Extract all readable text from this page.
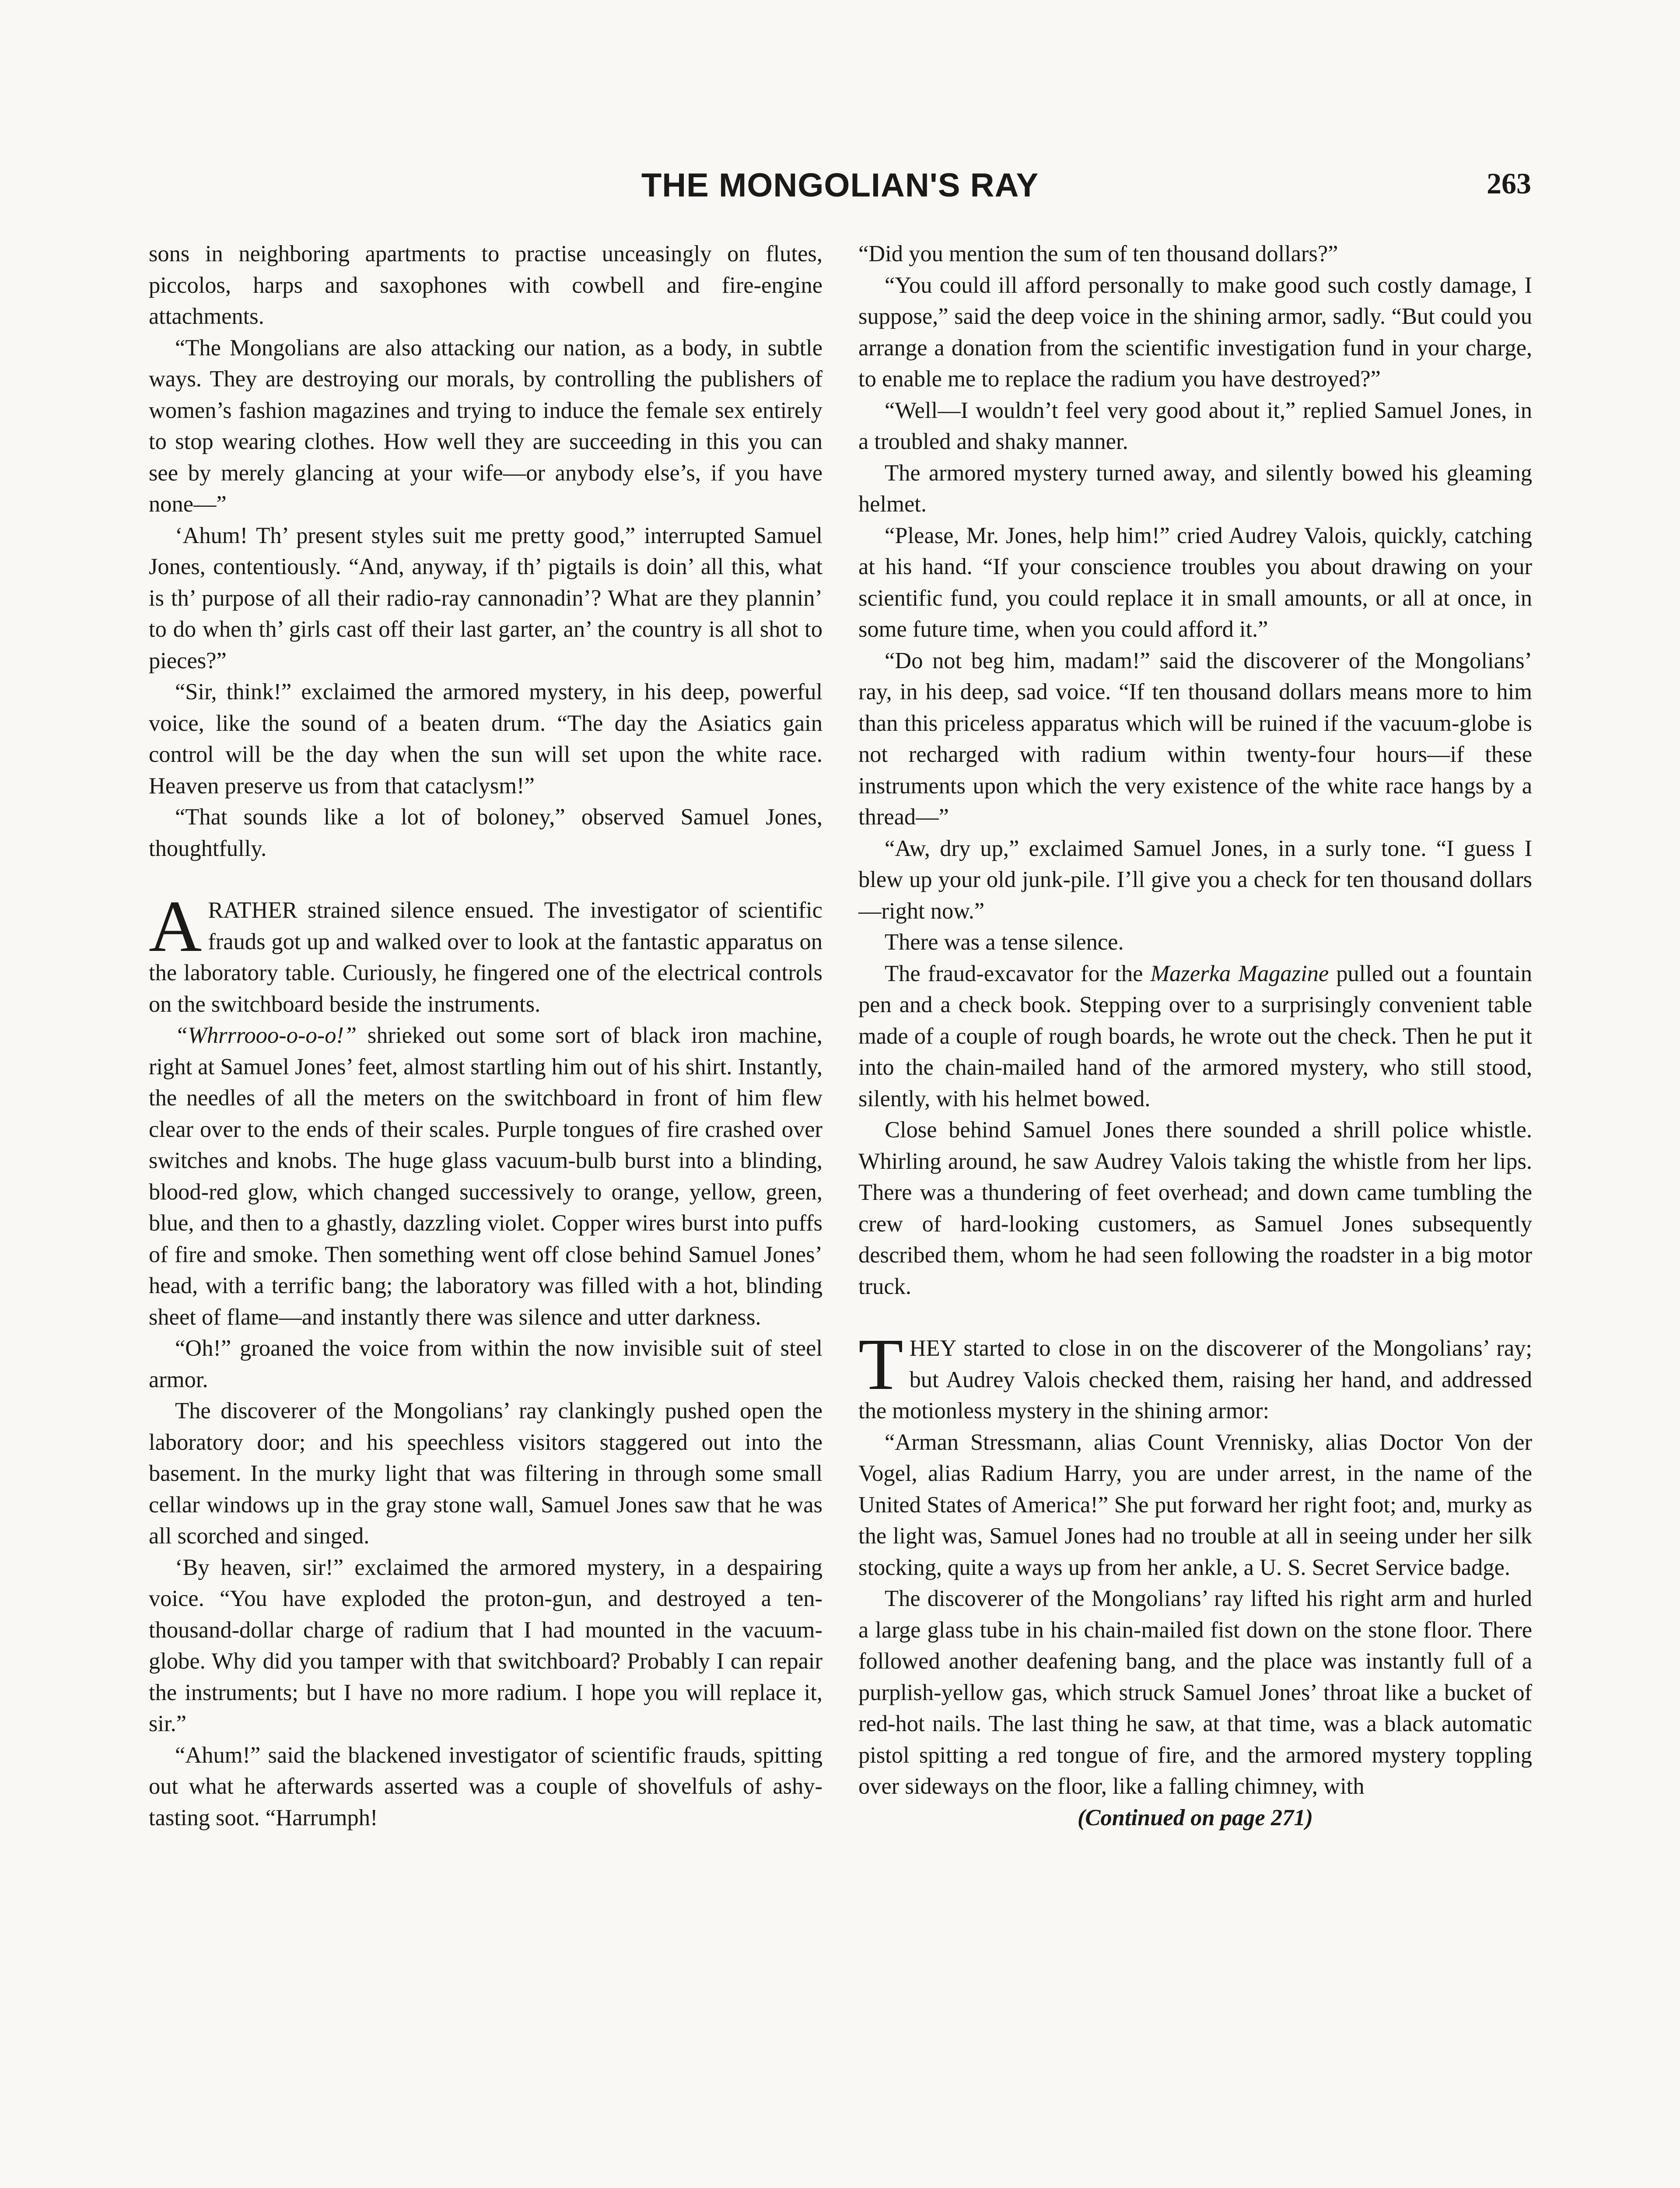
THE MONGOLIAN'S RAY	263

sons in neighboring apartments to practise unceasingly on flutes, piccolos, harps and saxophones with cowbell and fire-engine attachments.

“The Mongolians are also attacking our nation, as a body, in subtle ways. They are destroying our morals, by controlling the publishers of women’s fashion magazines and trying to induce the female sex entirely to stop wearing clothes. How well they are succeeding in this you can see by merely glancing at your wife—or anybody else’s, if you have none—”

‘Ahum! Th’ present styles suit me pretty good,” interrupted Samuel Jones, contentiously. “And, anyway, if th’ pigtails is doin’ all this, what is th’ purpose of all their radio-ray cannonadin’? What are they plannin’ to do when th’ girls cast off their last garter, an’ the country is all shot to pieces?”

“Sir, think!” exclaimed the armored mystery, in his deep, powerful voice, like the sound of a beaten drum. “The day the Asiatics gain control will be the day when the sun will set upon the white race. Heaven preserve us from that cataclysm!”

“That sounds like a lot of boloney,” observed Samuel Jones, thoughtfully.

ARATHER strained silence ensued. The investigator of scientific frauds got up and walked over to look at the fantastic apparatus on the laboratory table. Curiously, he fingered one of the electrical controls on the switchboard beside the instruments.

“Whrrrooo-o-o-o!” shrieked out some sort of black iron machine, right at Samuel Jones’ feet, almost startling him out of his shirt. Instantly, the needles of all the meters on the switchboard in front of him flew clear over to the ends of their scales. Purple tongues of fire crashed over switches and knobs. The huge glass vacuum-bulb burst into a blinding, blood-red glow, which changed successively to orange, yellow, green, blue, and then to a ghastly, dazzling violet. Copper wires burst into puffs of fire and smoke. Then something went off close behind Samuel Jones’ head, with a terrific bang; the laboratory was filled with a hot, blinding sheet of flame—and instantly there was silence and utter darkness.

“Oh!” groaned the voice from within the now invisible suit of steel armor.

The discoverer of the Mongolians’ ray clankingly pushed open the laboratory door; and his speechless visitors staggered out into the basement. In the murky light that was filtering in through some small cellar windows up in the gray stone wall, Samuel Jones saw that he was all scorched and singed.

‘By heaven, sir!” exclaimed the armored mystery, in a despairing voice. “You have exploded the proton-gun, and destroyed a ten-thousand-dollar charge of radium that I had mounted in the vacuum-globe. Why did you tamper with that switchboard? Probably I can repair the instruments; but I have no more radium. I hope you will replace it, sir.”

“Ahum!” said the blackened investigator of scientific frauds, spitting out what he afterwards asserted was a couple of shovelfuls of ashy-tasting soot. “Harrumph!

“Did you mention the sum of ten thousand dollars?”

“You could ill afford personally to make good such costly damage, I suppose,” said the deep voice in the shining armor, sadly. “But could you arrange a donation from the scientific investigation fund in your charge, to enable me to replace the radium you have destroyed?”

“Well—I wouldn’t feel very good about it,” replied Samuel Jones, in a troubled and shaky manner.

The armored mystery turned away, and silently bowed his gleaming helmet.

“Please, Mr. Jones, help him!” cried Audrey Valois, quickly, catching at his hand. “If your conscience troubles you about drawing on your scientific fund, you could replace it in small amounts, or all at once, in some future time, when you could afford it.”

“Do not beg him, madam!” said the discoverer of the Mongolians’ ray, in his deep, sad voice. “If ten thousand dollars means more to him than this priceless apparatus which will be ruined if the vacuum-globe is not recharged with radium within twenty-four hours—if these instruments upon which the very existence of the white race hangs by a thread—”

“Aw, dry up,” exclaimed Samuel Jones, in a surly tone. “I guess I blew up your old junk-pile. I’ll give you a check for ten thousand dollars—right now.”

There was a tense silence.

The fraud-excavator for the Mazerka Magazine pulled out a fountain pen and a check book. Stepping over to a surprisingly convenient table made of a couple of rough boards, he wrote out the check. Then he put it into the chain-mailed hand of the armored mystery, who still stood, silently, with his helmet bowed.

Close behind Samuel Jones there sounded a shrill police whistle. Whirling around, he saw Audrey Valois taking the whistle from her lips. There was a thundering of feet overhead; and down came tumbling the crew of hard-looking customers, as Samuel Jones subsequently described them, whom he had seen following the roadster in a big motor truck.

THEY started to close in on the discoverer of the Mongolians’ ray; but Audrey Valois checked them, raising her hand, and addressed the motionless mystery in the shining armor:

“Arman Stressmann, alias Count Vrennisky, alias Doctor Von der Vogel, alias Radium Harry, you are under arrest, in the name of the United States of America!” She put forward her right foot; and, murky as the light was, Samuel Jones had no trouble at all in seeing under her silk stocking, quite a ways up from her ankle, a U. S. Secret Service badge.

The discoverer of the Mongolians’ ray lifted his right arm and hurled a large glass tube in his chain-mailed fist down on the stone floor. There followed another deafening bang, and the place was instantly full of a purplish-yellow gas, which struck Samuel Jones’ throat like a bucket of red-hot nails. The last thing he saw, at that time, was a black automatic pistol spitting a red tongue of fire, and the armored mystery toppling over sideways on the floor, like a falling chimney, with

(Continued on page 271)
